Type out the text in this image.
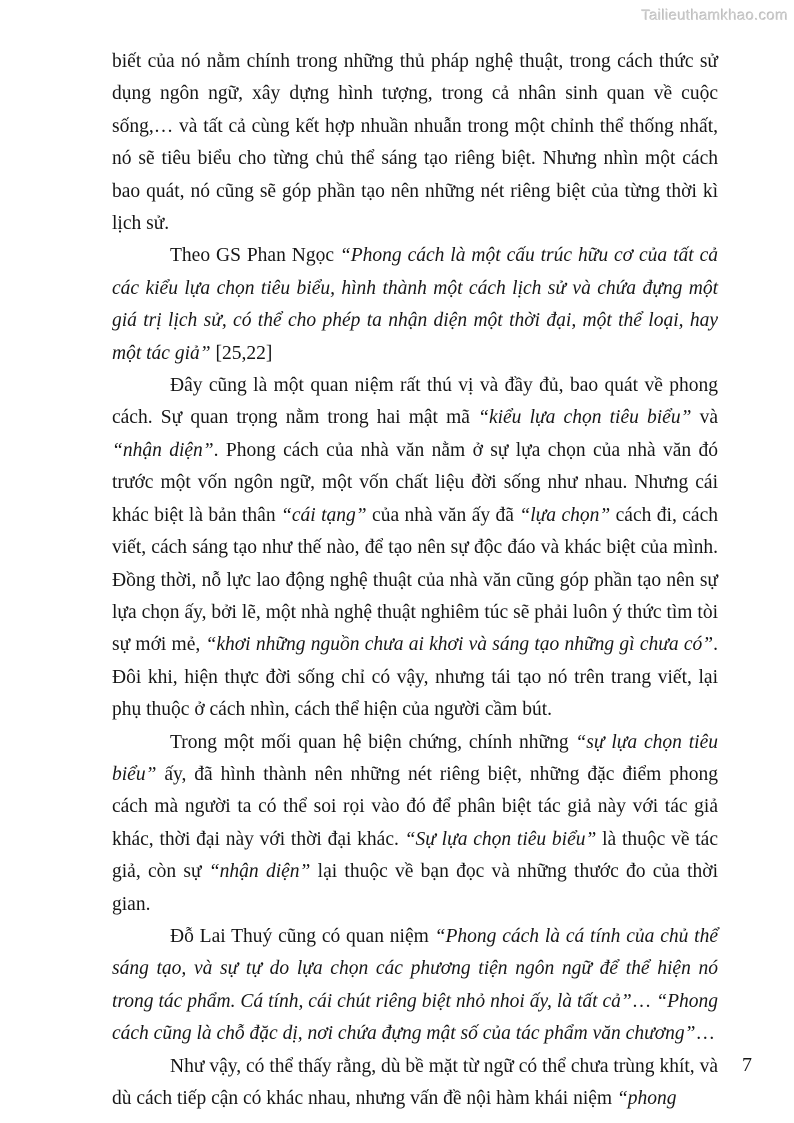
Tailieuthamkhao.com

biết của nó nằm chính trong những thủ pháp nghệ thuật, trong cách thức sử dụng ngôn ngữ, xây dựng hình tượng, trong cả nhân sinh quan về cuộc sống,… và tất cả cùng kết hợp nhuần nhuẫn trong một chỉnh thể thống nhất, nó sẽ tiêu biểu cho từng chủ thể sáng tạo riêng biệt. Nhưng nhìn một cách bao quát, nó cũng sẽ góp phần tạo nên những nét riêng biệt của từng thời kì lịch sử.

Theo GS Phan Ngọc “Phong cách là một cấu trúc hữu cơ của tất cả các kiểu lựa chọn tiêu biểu, hình thành một cách lịch sử và chứa đựng một giá trị lịch sử, có thể cho phép ta nhận diện một thời đại, một thể loại, hay một tác giả” [25,22]

Đây cũng là một quan niệm rất thú vị và đầy đủ, bao quát về phong cách. Sự quan trọng nằm trong hai mật mã “kiểu lựa chọn tiêu biểu” và “nhận diện”. Phong cách của nhà văn nằm ở sự lựa chọn của nhà văn đó trước một vốn ngôn ngữ, một vốn chất liệu đời sống như nhau. Nhưng cái khác biệt là bản thân “cái tạng” của nhà văn ấy đã “lựa chọn” cách đi, cách viết, cách sáng tạo như thế nào, để tạo nên sự độc đáo và khác biệt của mình. Đồng thời, nỗ lực lao động nghệ thuật của nhà văn cũng góp phần tạo nên sự lựa chọn ấy, bởi lẽ, một nhà nghệ thuật nghiêm túc sẽ phải luôn ý thức tìm tòi sự mới mẻ, “khơi những nguồn chưa ai khơi và sáng tạo những gì chưa có”. Đôi khi, hiện thực đời sống chỉ có vậy, nhưng tái tạo nó trên trang viết, lại phụ thuộc ở cách nhìn, cách thể hiện của người cầm bút.

Trong một mối quan hệ biện chứng, chính những “sự lựa chọn tiêu biểu” ấy, đã hình thành nên những nét riêng biệt, những đặc điểm phong cách mà người ta có thể soi rọi vào đó để phân biệt tác giả này với tác giả khác, thời đại này với thời đại khác. “Sự lựa chọn tiêu biểu” là thuộc về tác giả, còn sự “nhận diện” lại thuộc về bạn đọc và những thước đo của thời gian.

Đỗ Lai Thuý cũng có quan niệm “Phong cách là cá tính của chủ thể sáng tạo, và sự tự do lựa chọn các phương tiện ngôn ngữ để thể hiện nó trong tác phẩm. Cá tính, cái chút riêng biệt nhỏ nhoi ấy, là tất cả”… “Phong cách cũng là chỗ đặc dị, nơi chứa đựng mật số của tác phẩm văn chương”…

Như vậy, có thể thấy rằng, dù bề mặt từ ngữ có thể chưa trùng khít, và dù cách tiếp cận có khác nhau, nhưng vấn đề nội hàm khái niệm “phong

7
